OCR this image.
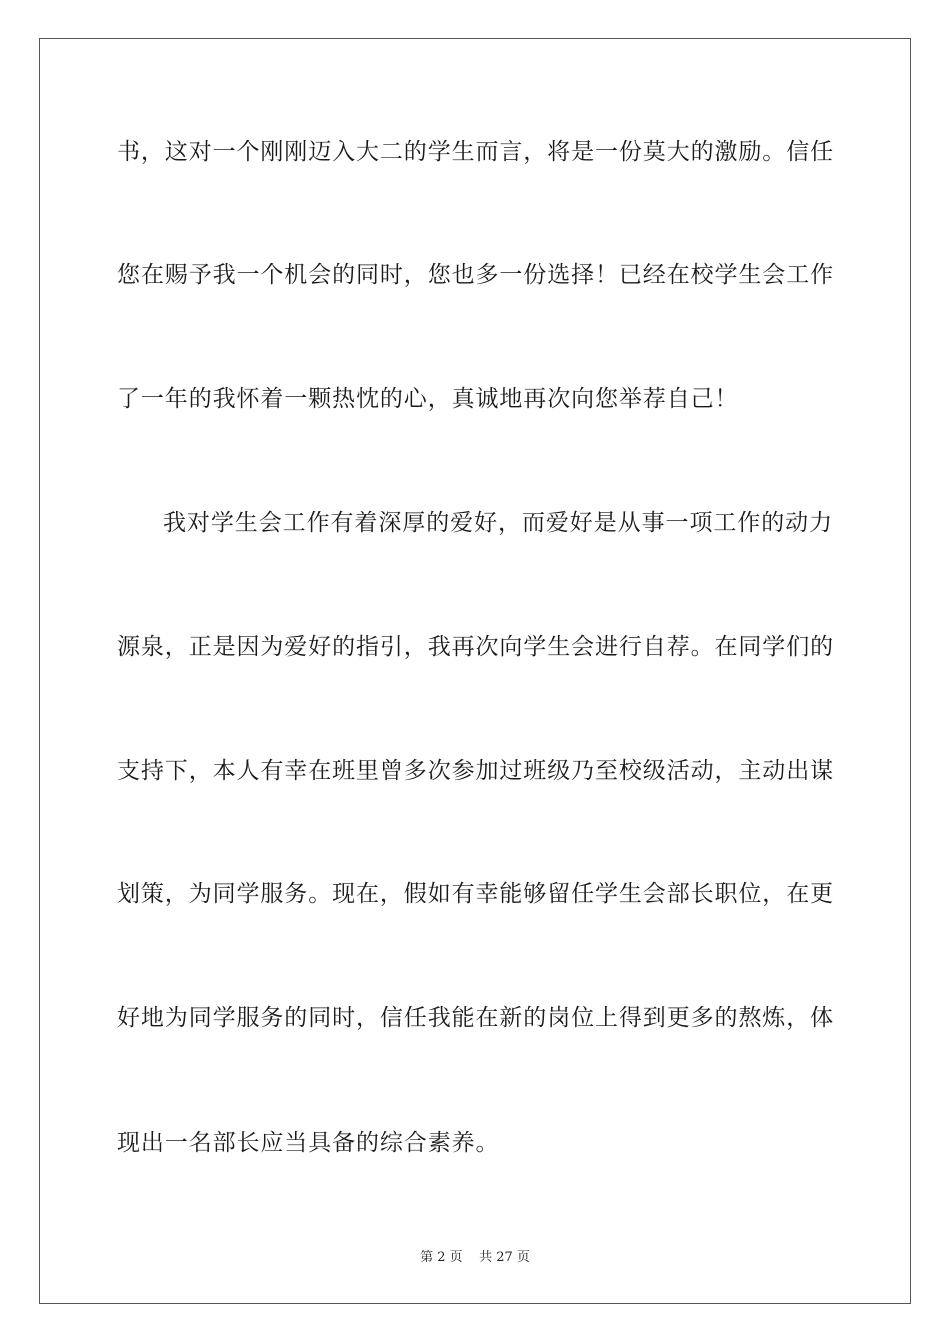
书，这对一个刚刚迈入大二的学生而言，将是一份莫大的激励。信任
您在赐予我一个机会的同时，您也多一份选择！已经在校学生会工作
了一年的我怀着一颗热忱的心，真诚地再次向您举荐自己！
我对学生会工作有着深厚的爱好，而爱好是从事一项工作的动力
源泉，正是因为爱好的指引，我再次向学生会进行自荐。在同学们的
支持下，本人有幸在班里曾多次参加过班级乃至校级活动，主动出谋
划策，为同学服务。现在，假如有幸能够留任学生会部长职位，在更
好地为同学服务的同时，信任我能在新的岗位上得到更多的熬炼，体
现出一名部长应当具备的综合素养。
第 2 页    共 27 页
